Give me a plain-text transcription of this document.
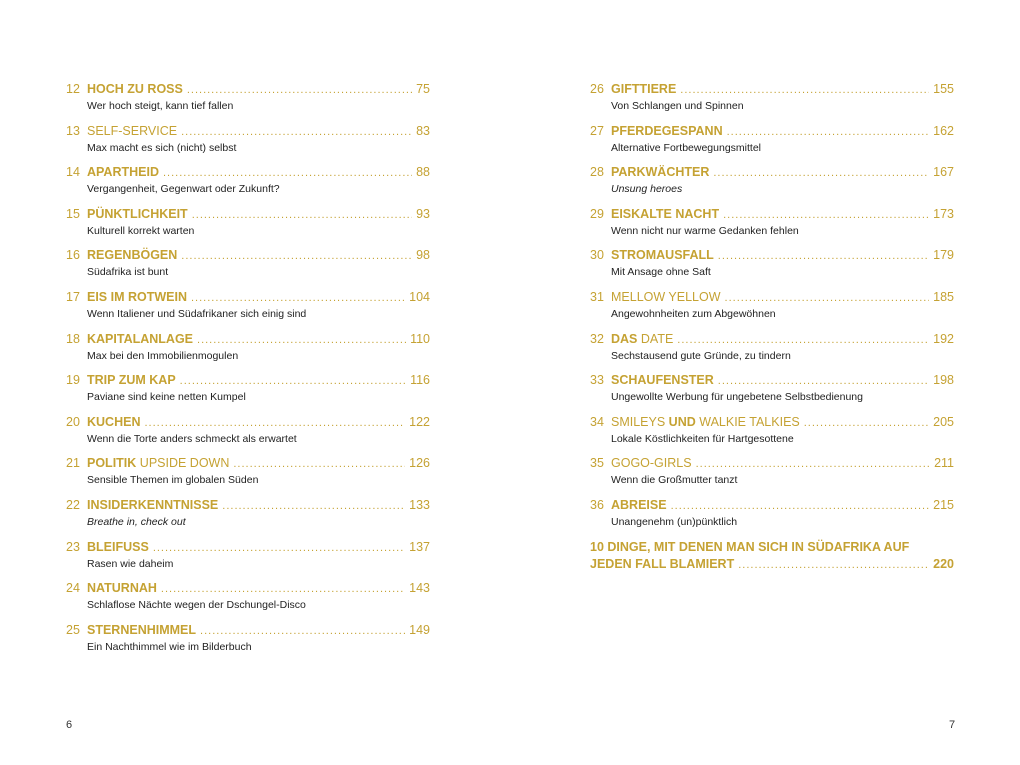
12 HOCH ZU ROSS .....	75
Wer hoch steigt, kann tief fallen
13 SELF-SERVICE .....	83
Max macht es sich (nicht) selbst
14 APARTHEID .....	88
Vergangenheit, Gegenwart oder Zukunft?
15 PÜNKTLICHKEIT .....	93
Kulturell korrekt warten
16 REGENBÖGEN .....	98
Südafrika ist bunt
17 EIS IM ROTWEIN .....	104
Wenn Italiener und Südafrikaner sich einig sind
18 KAPITALANLAGE .....	110
Max bei den Immobilienmogulen
19 TRIP ZUM KAP .....	116
Paviane sind keine netten Kumpel
20 KUCHEN .....	122
Wenn die Torte anders schmeckt als erwartet
21 POLITIK UPSIDE DOWN .....	126
Sensible Themen im globalen Süden
22 INSIDERKENNTNISSE .....	133
Breathe in, check out
23 BLEIFUSS .....	137
Rasen wie daheim
24 NATURNAH .....	143
Schlaflose Nächte wegen der Dschungel-Disco
25 STERNENHIMMEL .....	149
Ein Nachthimmel wie im Bilderbuch
26 GIFTTIERE .....	155
Von Schlangen und Spinnen
27 PFERDEGESPANN .....	162
Alternative Fortbewegungsmittel
28 PARKWÄCHTER .....	167
Unsung heroes
29 EISKALTE NACHT .....	173
Wenn nicht nur warme Gedanken fehlen
30 STROMAUSFALL .....	179
Mit Ansage ohne Saft
31 MELLOW YELLOW .....	185
Angewohnheiten zum Abgewöhnen
32 DAS DATE .....	192
Sechstausend gute Gründe, zu tindern
33 SCHAUFENSTER .....	198
Ungewollte Werbung für ungebetene Selbstbedienung
34 SMILEYS UND WALKIE TALKIES .....	205
Lokale Köstlichkeiten für Hartgesottene
35 GOGO-GIRLS .....	211
Wenn die Großmutter tanzt
36 ABREISE .....	215
Unangenehm (un)pünktlich
10 DINGE, MIT DENEN MAN SICH IN SÜDAFRIKA AUF
JEDEN FALL BLAMIERT .....	220
6	7
